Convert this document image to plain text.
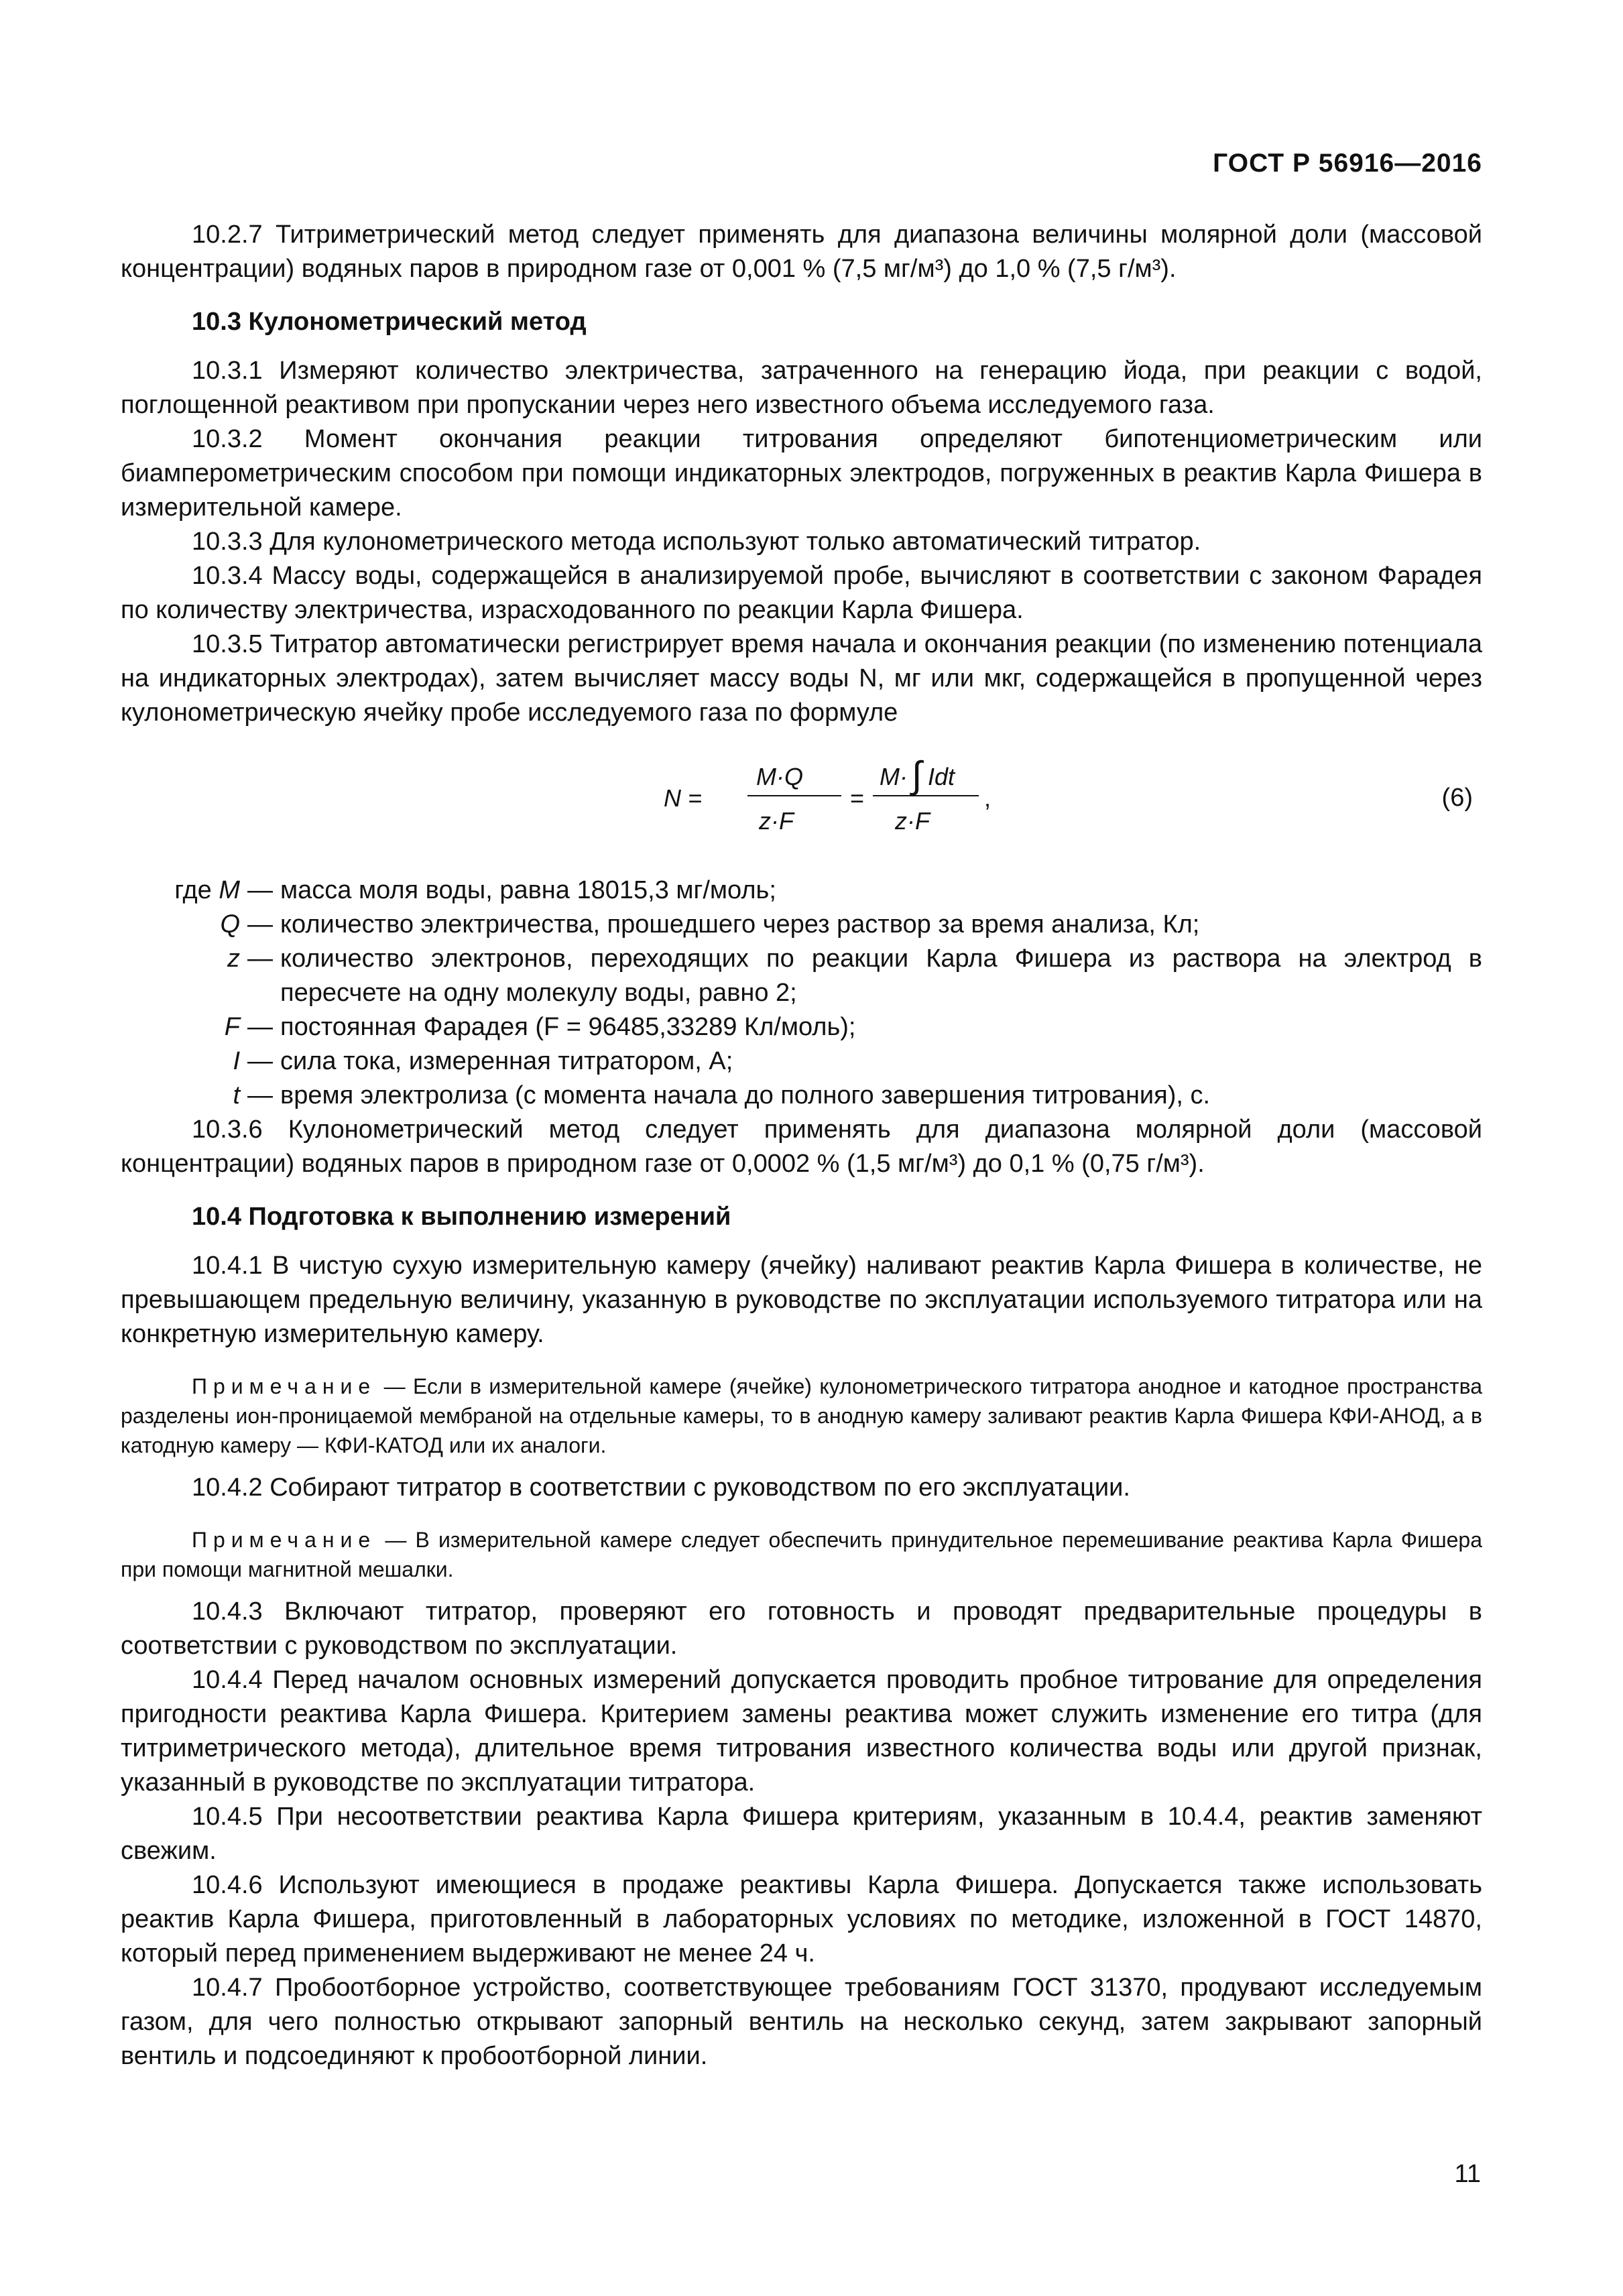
ГОСТ Р 56916—2016

10.2.7 Титриметрический метод следует применять для диапазона величины молярной доли (массовой концентрации) водяных паров в природном газе от 0,001 % (7,5 мг/м³) до 1,0 % (7,5 г/м³).

10.3 Кулонометрический метод

10.3.1 Измеряют количество электричества, затраченного на генерацию йода, при реакции с водой, поглощенной реактивом при пропускании через него известного объема исследуемого газа.

10.3.2 Момент окончания реакции титрования определяют бипотенциометрическим или биамперометрическим способом при помощи индикаторных электродов, погруженных в реактив Карла Фишера в измерительной камере.

10.3.3 Для кулонометрического метода используют только автоматический титратор.

10.3.4 Массу воды, содержащейся в анализируемой пробе, вычисляют в соответствии с законом Фарадея по количеству электричества, израсходованного по реакции Карла Фишера.

10.3.5 Титратор автоматически регистрирует время начала и окончания реакции (по изменению потенциала на индикаторных электродах), затем вычисляет массу воды N, мг или мкг, содержащейся в пропущенной через кулонометрическую ячейку пробе исследуемого газа по формуле

N =
M·Q
z·F
=
M· ∫ Idt
z·F
,	(6)
где M — масса моля воды, равна 18015,3 мг/моль;
Q — количество электричества, прошедшего через раствор за время анализа, Кл;
z — количество электронов, переходящих по реакции Карла Фишера из раствора на электрод в пересчете на одну молекулу воды, равно 2;
F — постоянная Фарадея (F = 96485,33289 Кл/моль);
I — сила тока, измеренная титратором, А;
t — время электролиза (с момента начала до полного завершения титрования), с.

10.3.6 Кулонометрический метод следует применять для диапазона молярной доли (массовой концентрации) водяных паров в природном газе от 0,0002 % (1,5 мг/м³) до 0,1 % (0,75 г/м³).

10.4 Подготовка к выполнению измерений

10.4.1 В чистую сухую измерительную камеру (ячейку) наливают реактив Карла Фишера в количестве, не превышающем предельную величину, указанную в руководстве по эксплуатации используемого титратора или на конкретную измерительную камеру.

Примечание — Если в измерительной камере (ячейке) кулонометрического титратора анодное и катодное пространства разделены ион-проницаемой мембраной на отдельные камеры, то в анодную камеру заливают реактив Карла Фишера КФИ-АНОД, а в катодную камеру — КФИ-КАТОД или их аналоги.

10.4.2 Собирают титратор в соответствии с руководством по его эксплуатации.

Примечание — В измерительной камере следует обеспечить принудительное перемешивание реактива Карла Фишера при помощи магнитной мешалки.

10.4.3 Включают титратор, проверяют его готовность и проводят предварительные процедуры в соответствии с руководством по эксплуатации.

10.4.4 Перед началом основных измерений допускается проводить пробное титрование для определения пригодности реактива Карла Фишера. Критерием замены реактива может служить изменение его титра (для титриметрического метода), длительное время титрования известного количества воды или другой признак, указанный в руководстве по эксплуатации титратора.

10.4.5 При несоответствии реактива Карла Фишера критериям, указанным в 10.4.4, реактив заменяют свежим.

10.4.6 Используют имеющиеся в продаже реактивы Карла Фишера. Допускается также использовать реактив Карла Фишера, приготовленный в лабораторных условиях по методике, изложенной в ГОСТ 14870, который перед применением выдерживают не менее 24 ч.

10.4.7 Пробоотборное устройство, соответствующее требованиям ГОСТ 31370, продувают исследуемым газом, для чего полностью открывают запорный вентиль на несколько секунд, затем закрывают запорный вентиль и подсоединяют к пробоотборной линии.

11
